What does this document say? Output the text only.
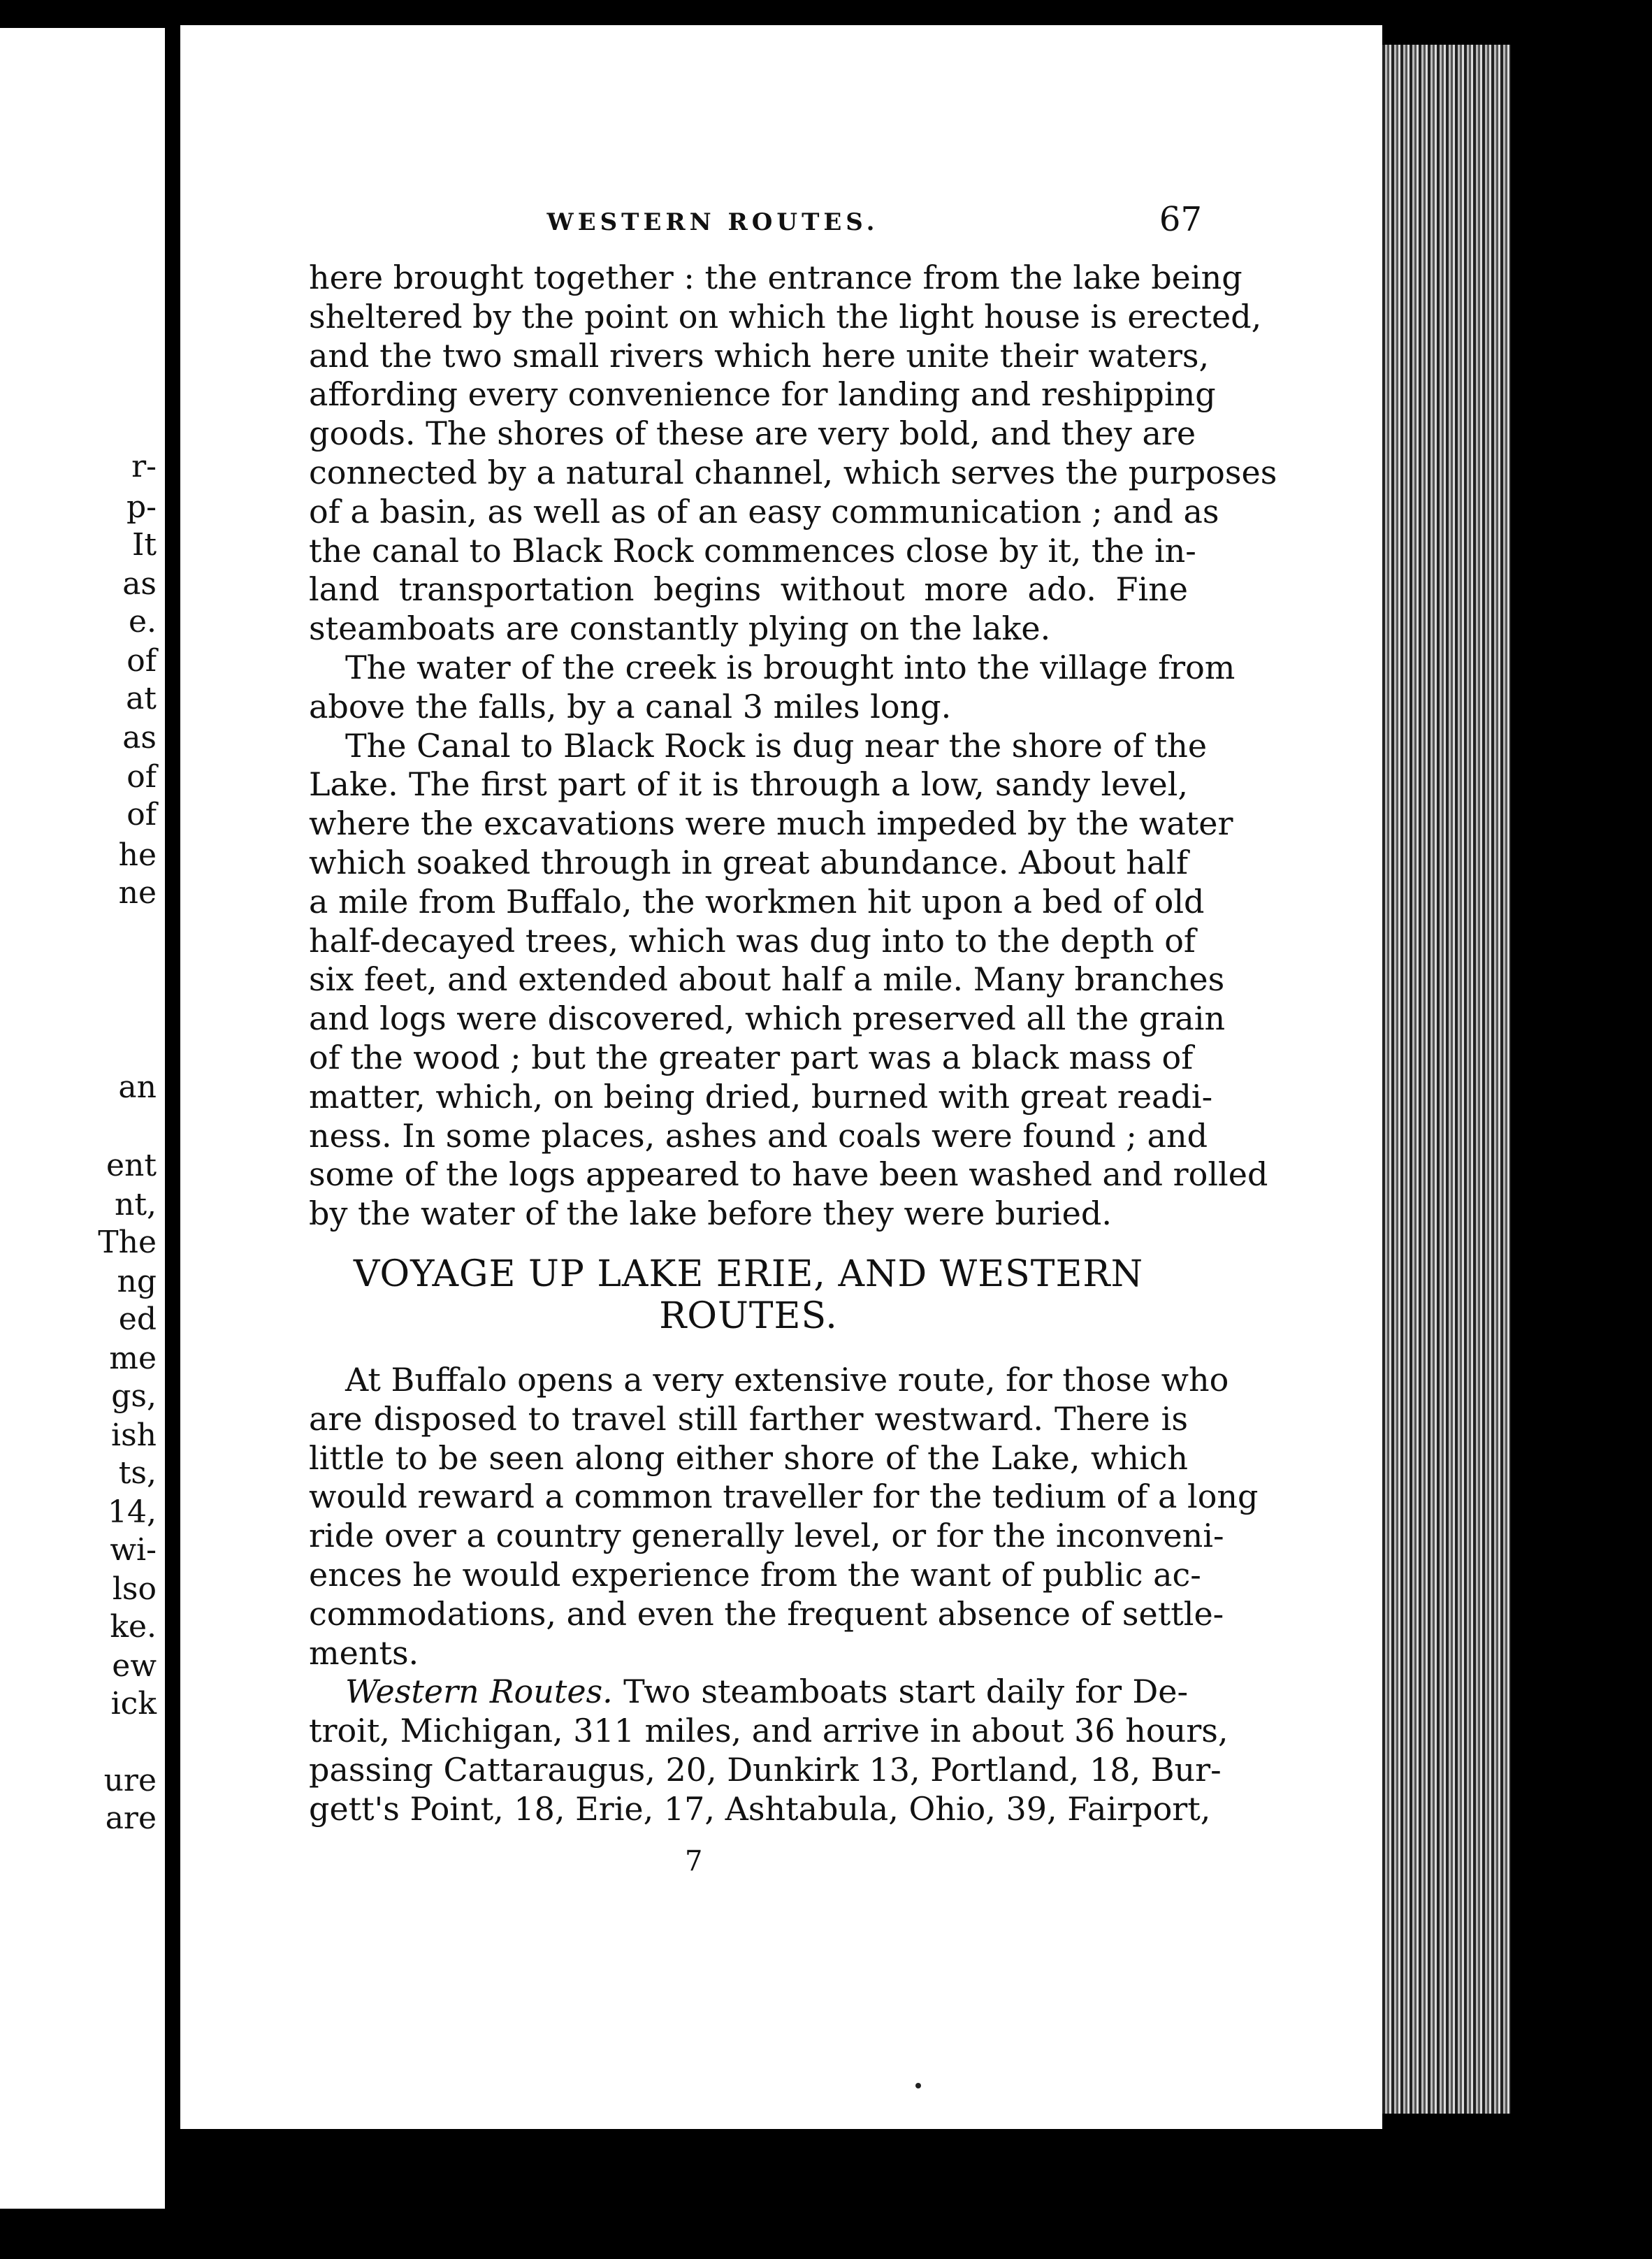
r-
p-
It
as
e.
of
at
as
of
of
he
ne
an
ent
nt,
The
ng
ed
me
gs,
ish
ts,
14,
wi-
lso
ke.
ew
ick
ure
are
WESTERN ROUTES.	67

here brought together : the entrance from the lake being
sheltered by the point on which the light house is erected,
and the two small rivers which here unite their waters,
affording every convenience for landing and reshipping
goods. The shores of these are very bold, and they are
connected by a natural channel, which serves the purposes
of a basin, as well as of an easy communication ; and as
the canal to Black Rock commences close by it, the in-
land transportation begins without more ado. Fine
steamboats are constantly plying on the lake.

The water of the creek is brought into the village from
above the falls, by a canal 3 miles long.

The Canal to Black Rock is dug near the shore of the
Lake. The first part of it is through a low, sandy level,
where the excavations were much impeded by the water
which soaked through in great abundance. About half
a mile from Buffalo, the workmen hit upon a bed of old
half-decayed trees, which was dug into to the depth of
six feet, and extended about half a mile. Many branches
and logs were discovered, which preserved all the grain
of the wood ; but the greater part was a black mass of
matter, which, on being dried, burned with great readi-
ness. In some places, ashes and coals were found ; and
some of the logs appeared to have been washed and rolled
by the water of the lake before they were buried.

VOYAGE UP LAKE ERIE, AND WESTERN
ROUTES.

At Buffalo opens a very extensive route, for those who
are disposed to travel still farther westward. There is
little to be seen along either shore of the Lake, which
would reward a common traveller for the tedium of a long
ride over a country generally level, or for the inconveni-
ences he would experience from the want of public ac-
commodations, and even the frequent absence of settle-
ments.

Western Routes. Two steamboats start daily for De-
troit, Michigan, 311 miles, and arrive in about 36 hours,
passing Cattaraugus, 20, Dunkirk 13, Portland, 18, Bur-
gett's Point, 18, Erie, 17, Ashtabula, Ohio, 39, Fairport,

7
